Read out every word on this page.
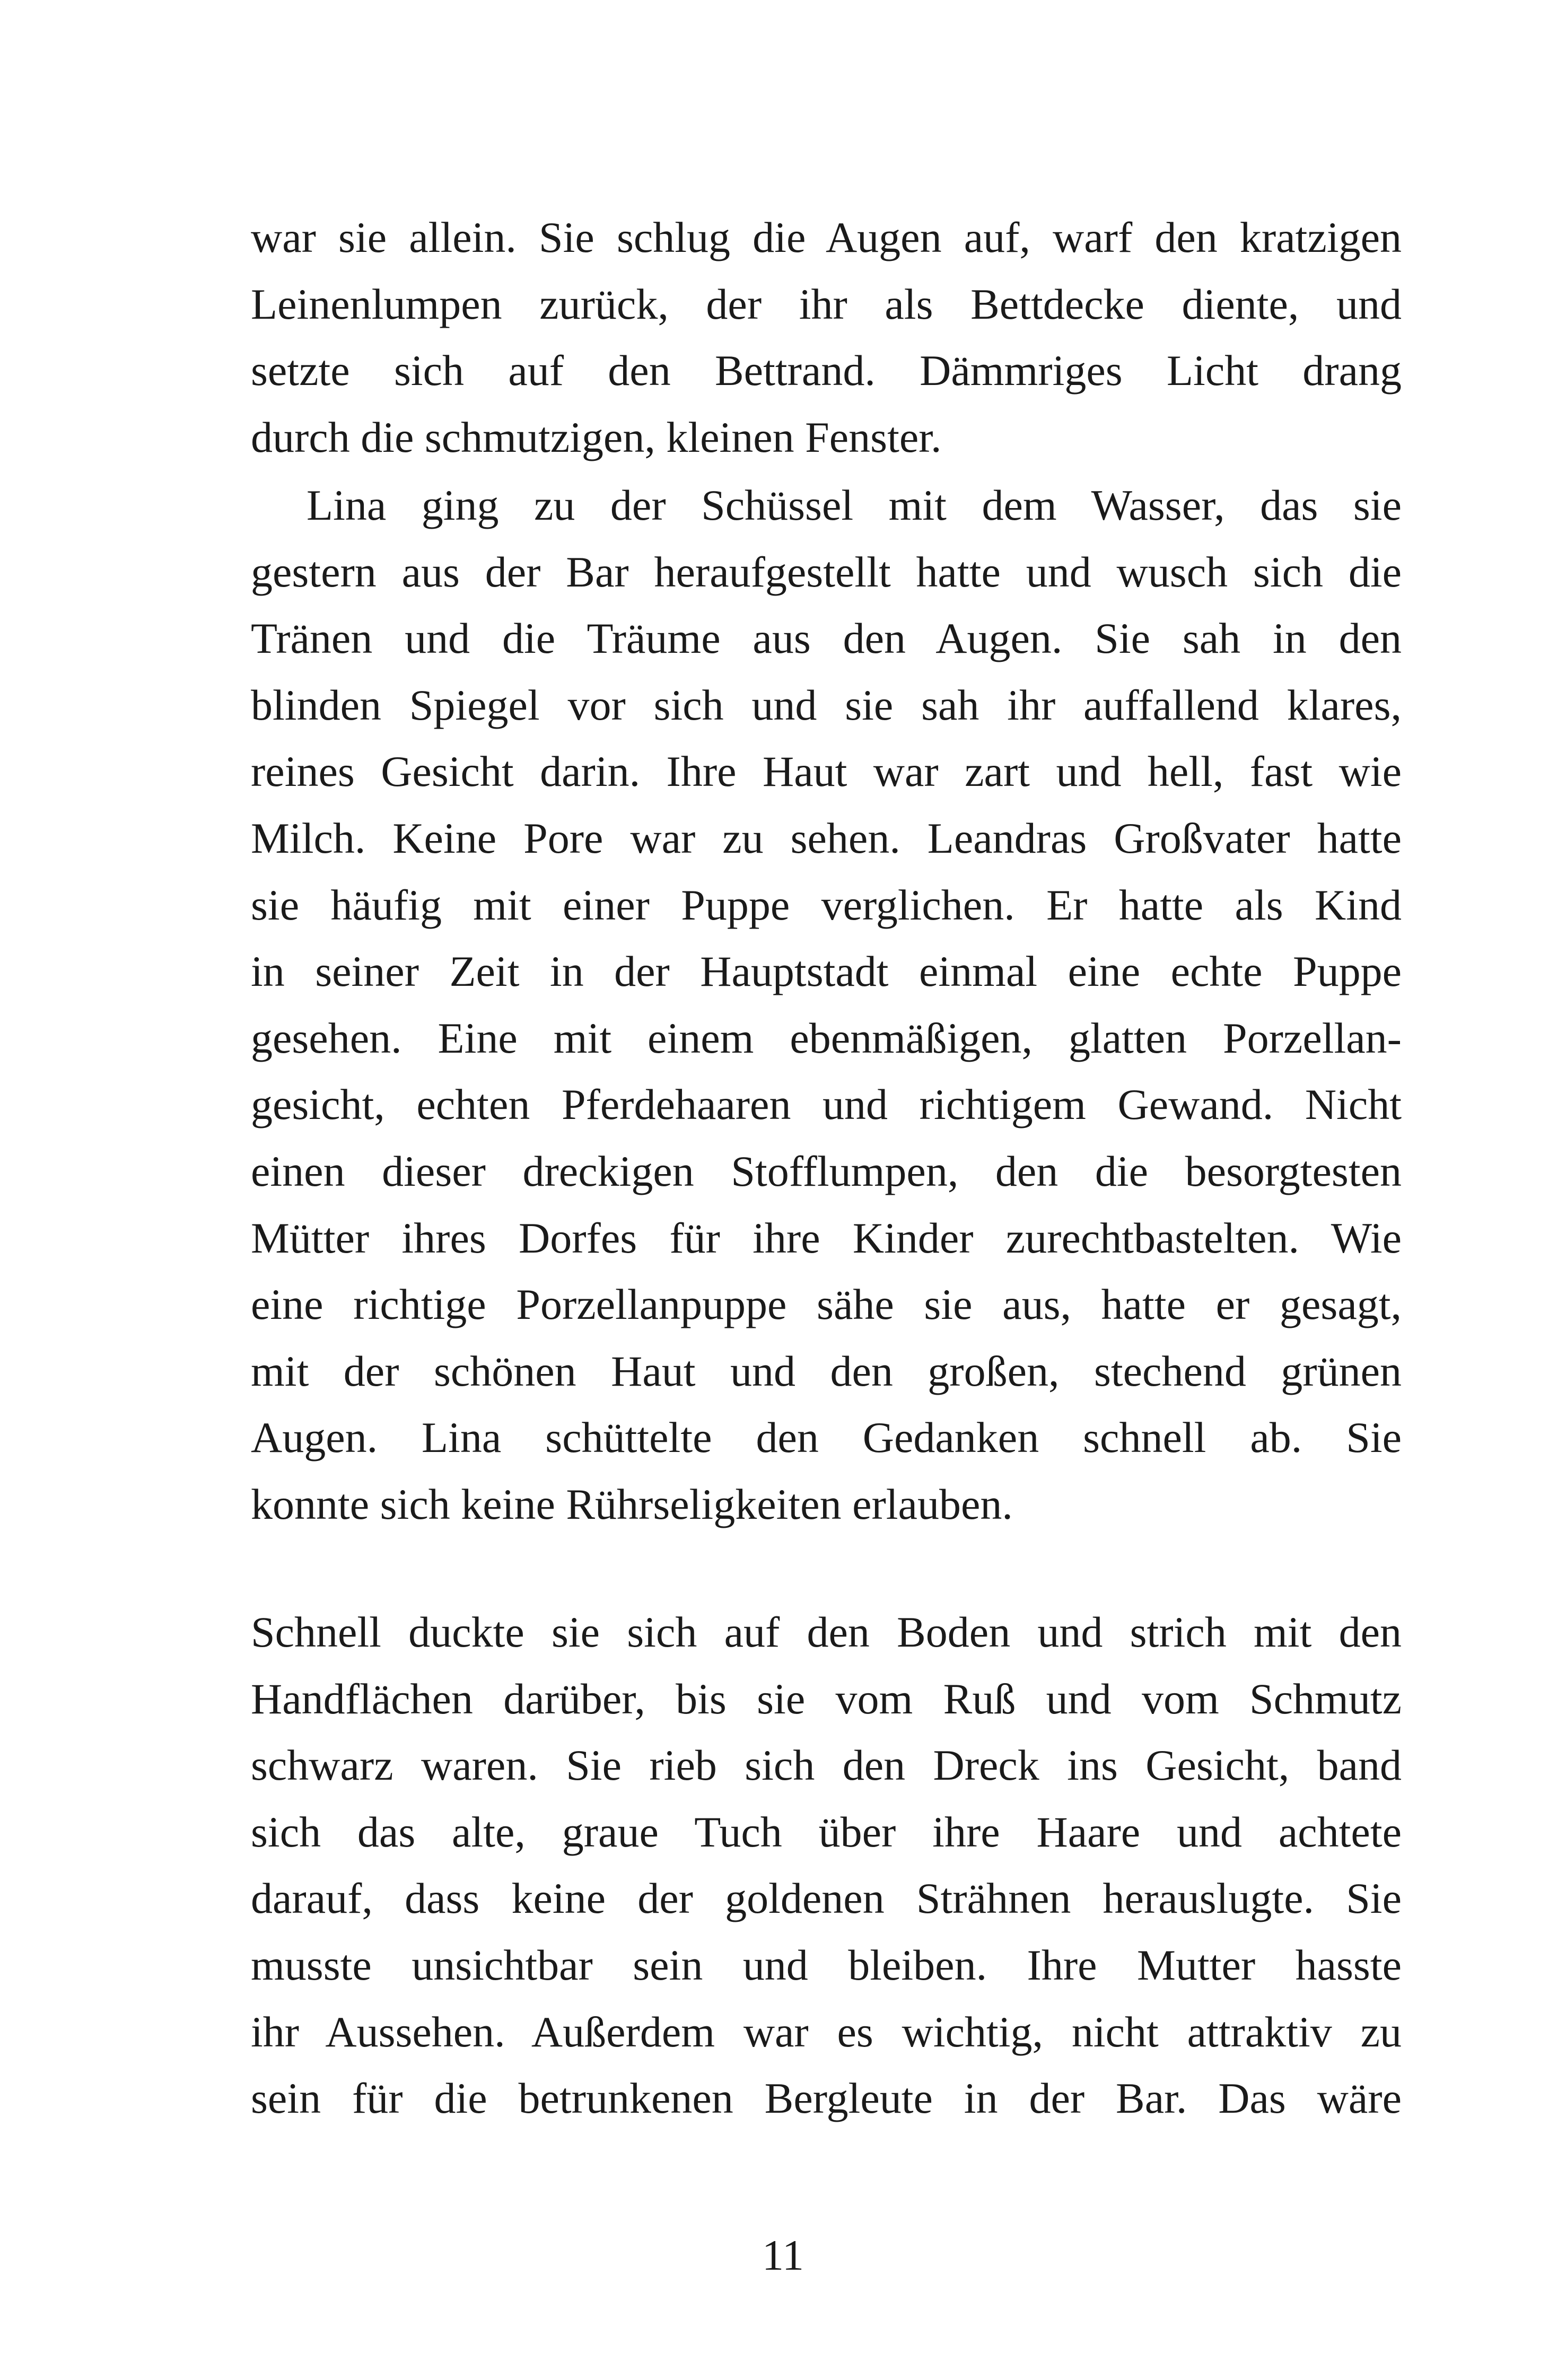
war sie allein. Sie schlug die Augen auf, warf den kratzigen
Leinenlumpen zurück, der ihr als Bettdecke diente, und
setzte sich auf den Bettrand. Dämmriges Licht drang
durch die schmutzigen, kleinen Fenster.
Lina ging zu der Schüssel mit dem Wasser, das sie
gestern aus der Bar heraufgestellt hatte und wusch sich die
Tränen und die Träume aus den Augen. Sie sah in den
blinden Spiegel vor sich und sie sah ihr auffallend klares,
reines Gesicht darin. Ihre Haut war zart und hell, fast wie
Milch. Keine Pore war zu sehen. Leandras Großvater hatte
sie häufig mit einer Puppe verglichen. Er hatte als Kind
in seiner Zeit in der Hauptstadt einmal eine echte Puppe
gesehen. Eine mit einem ebenmäßigen, glatten Porzellan-
gesicht, echten Pferdehaaren und richtigem Gewand. Nicht
einen dieser dreckigen Stofflumpen, den die besorgtesten
Mütter ihres Dorfes für ihre Kinder zurechtbastelten. Wie
eine richtige Porzellanpuppe sähe sie aus, hatte er gesagt,
mit der schönen Haut und den großen, stechend grünen
Augen. Lina schüttelte den Gedanken schnell ab. Sie
konnte sich keine Rührseligkeiten erlauben.
Schnell duckte sie sich auf den Boden und strich mit den
Handflächen darüber, bis sie vom Ruß und vom Schmutz
schwarz waren. Sie rieb sich den Dreck ins Gesicht, band
sich das alte, graue Tuch über ihre Haare und achtete
darauf, dass keine der goldenen Strähnen herauslugte. Sie
musste unsichtbar sein und bleiben. Ihre Mutter hasste
ihr Aussehen. Außerdem war es wichtig, nicht attraktiv zu
sein für die betrunkenen Bergleute in der Bar. Das wäre
11
